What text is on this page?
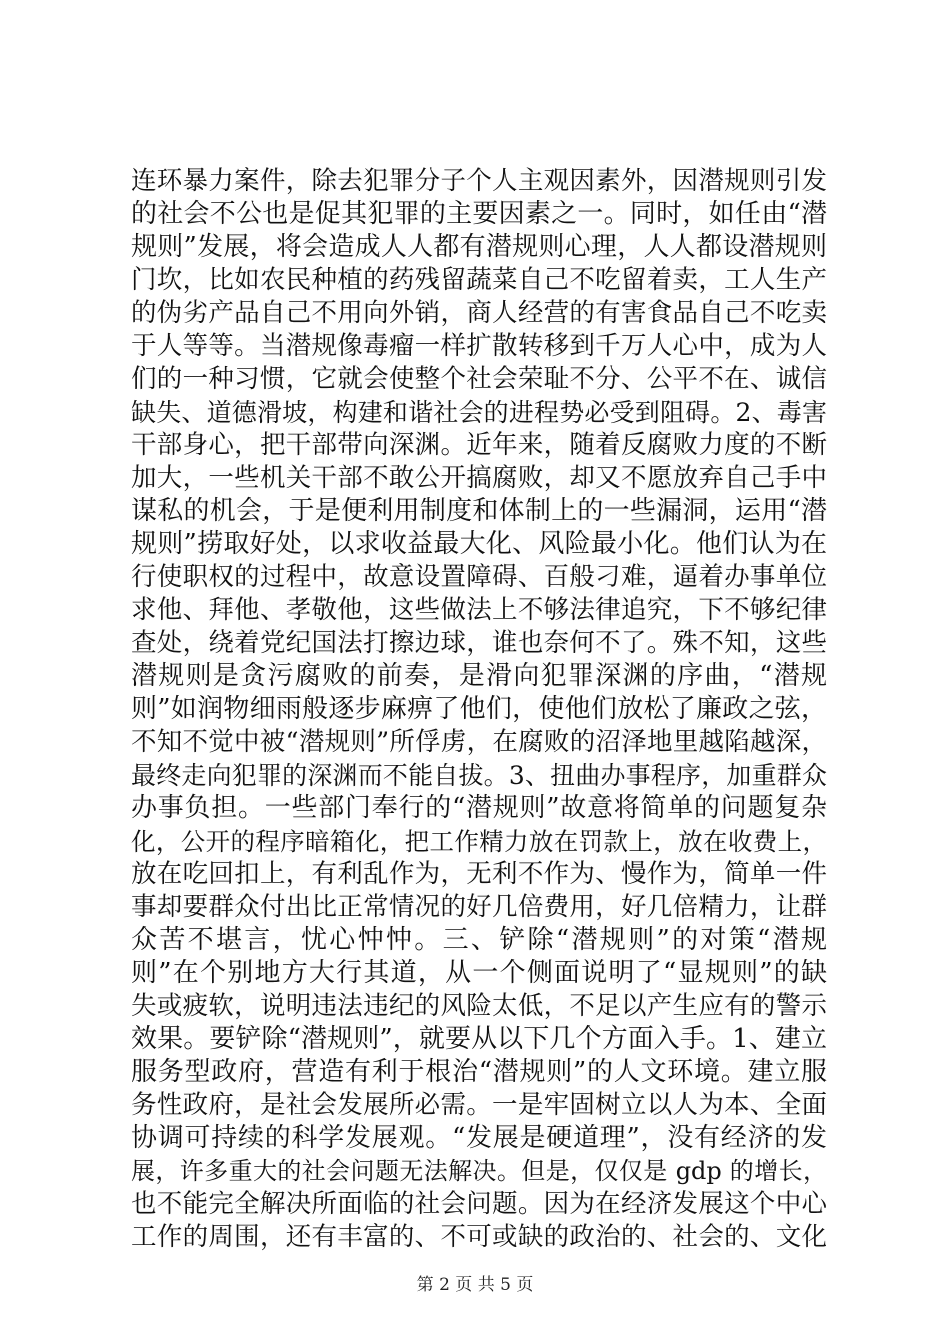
连环暴力案件，除去犯罪分子个人主观因素外，因潜规则引发
的社会不公也是促其犯罪的主要因素之一。同时，如任由“潜
规则”发展，将会造成人人都有潜规则心理，人人都设潜规则
门坎，比如农民种植的药残留蔬菜自己不吃留着卖，工人生产
的伪劣产品自己不用向外销，商人经营的有害食品自己不吃卖
于人等等。当潜规像毒瘤一样扩散转移到千万人心中，成为人
们的一种习惯，它就会使整个社会荣耻不分、公平不在、诚信
缺失、道德滑坡，构建和谐社会的进程势必受到阻碍。2、毒害
干部身心，把干部带向深渊。近年来，随着反腐败力度的不断
加大，一些机关干部不敢公开搞腐败，却又不愿放弃自己手中
谋私的机会，于是便利用制度和体制上的一些漏洞，运用“潜
规则”捞取好处，以求收益最大化、风险最小化。他们认为在
行使职权的过程中，故意设置障碍、百般刁难，逼着办事单位
求他、拜他、孝敬他，这些做法上不够法律追究，下不够纪律
查处，绕着党纪国法打擦边球，谁也奈何不了。殊不知，这些
潜规则是贪污腐败的前奏，是滑向犯罪深渊的序曲，“潜规
则”如润物细雨般逐步麻痹了他们，使他们放松了廉政之弦，
不知不觉中被“潜规则”所俘虏，在腐败的沼泽地里越陷越深，
最终走向犯罪的深渊而不能自拔。3、扭曲办事程序，加重群众
办事负担。一些部门奉行的“潜规则”故意将简单的问题复杂
化，公开的程序暗箱化，把工作精力放在罚款上，放在收费上，
放在吃回扣上，有利乱作为，无利不作为、慢作为，简单一件
事却要群众付出比正常情况的好几倍费用，好几倍精力，让群
众苦不堪言，忧心忡忡。三、铲除“潜规则”的对策“潜规
则”在个别地方大行其道，从一个侧面说明了“显规则”的缺
失或疲软，说明违法违纪的风险太低，不足以产生应有的警示
效果。要铲除“潜规则”，就要从以下几个方面入手。1、建立
服务型政府，营造有利于根治“潜规则”的人文环境。建立服
务性政府，是社会发展所必需。一是牢固树立以人为本、全面
协调可持续的科学发展观。“发展是硬道理”，没有经济的发
展，许多重大的社会问题无法解决。但是，仅仅是 gdp 的增长，
也不能完全解决所面临的社会问题。因为在经济发展这个中心
工作的周围，还有丰富的、不可或缺的政治的、社会的、文化
第 2 页 共 5 页
